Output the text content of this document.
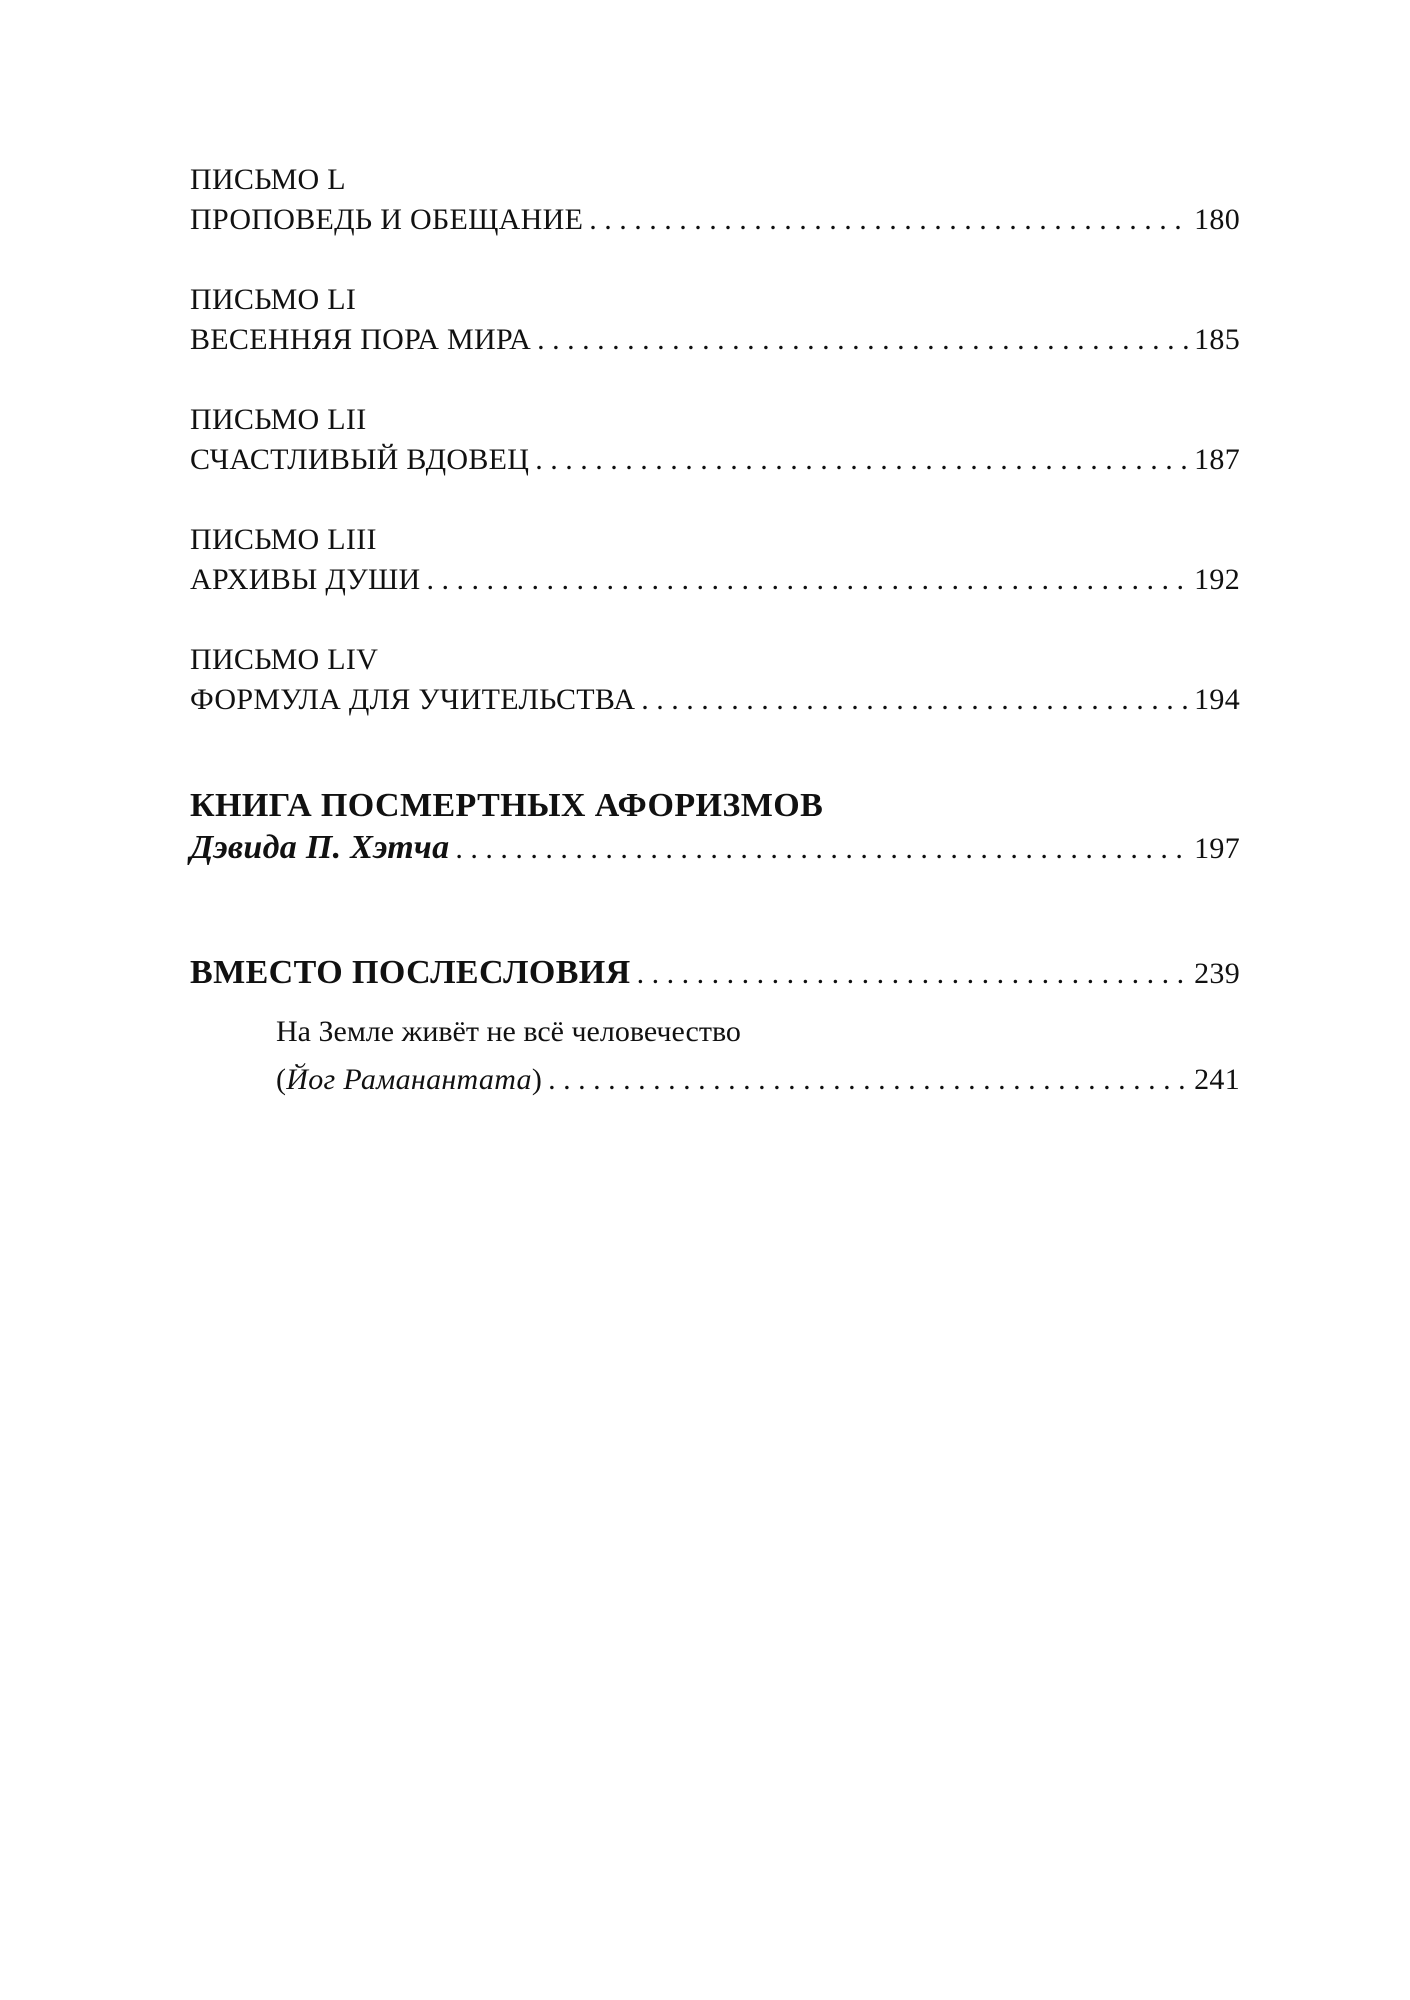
ПИСЬМО L
ПРОПОВЕДЬ И ОБЕЩАНИЕ . . .	180
ПИСЬМО LI
ВЕСЕННЯЯ ПОРА МИРА . . .	185
ПИСЬМО LII
СЧАСТЛИВЫЙ ВДОВЕЦ . . .	187
ПИСЬМО LIII
АРХИВЫ ДУШИ . . .	192
ПИСЬМО LIV
ФОРМУЛА ДЛЯ УЧИТЕЛЬСТВА . . .	194
КНИГА ПОСМЕРТНЫХ АФОРИЗМОВ
Дэвида П. Хэтча . . .	197
ВМЕСТО ПОСЛЕСЛОВИЯ . . .	239
На Земле живёт не всё человечество
(Йог Раманантата) . . .	241
